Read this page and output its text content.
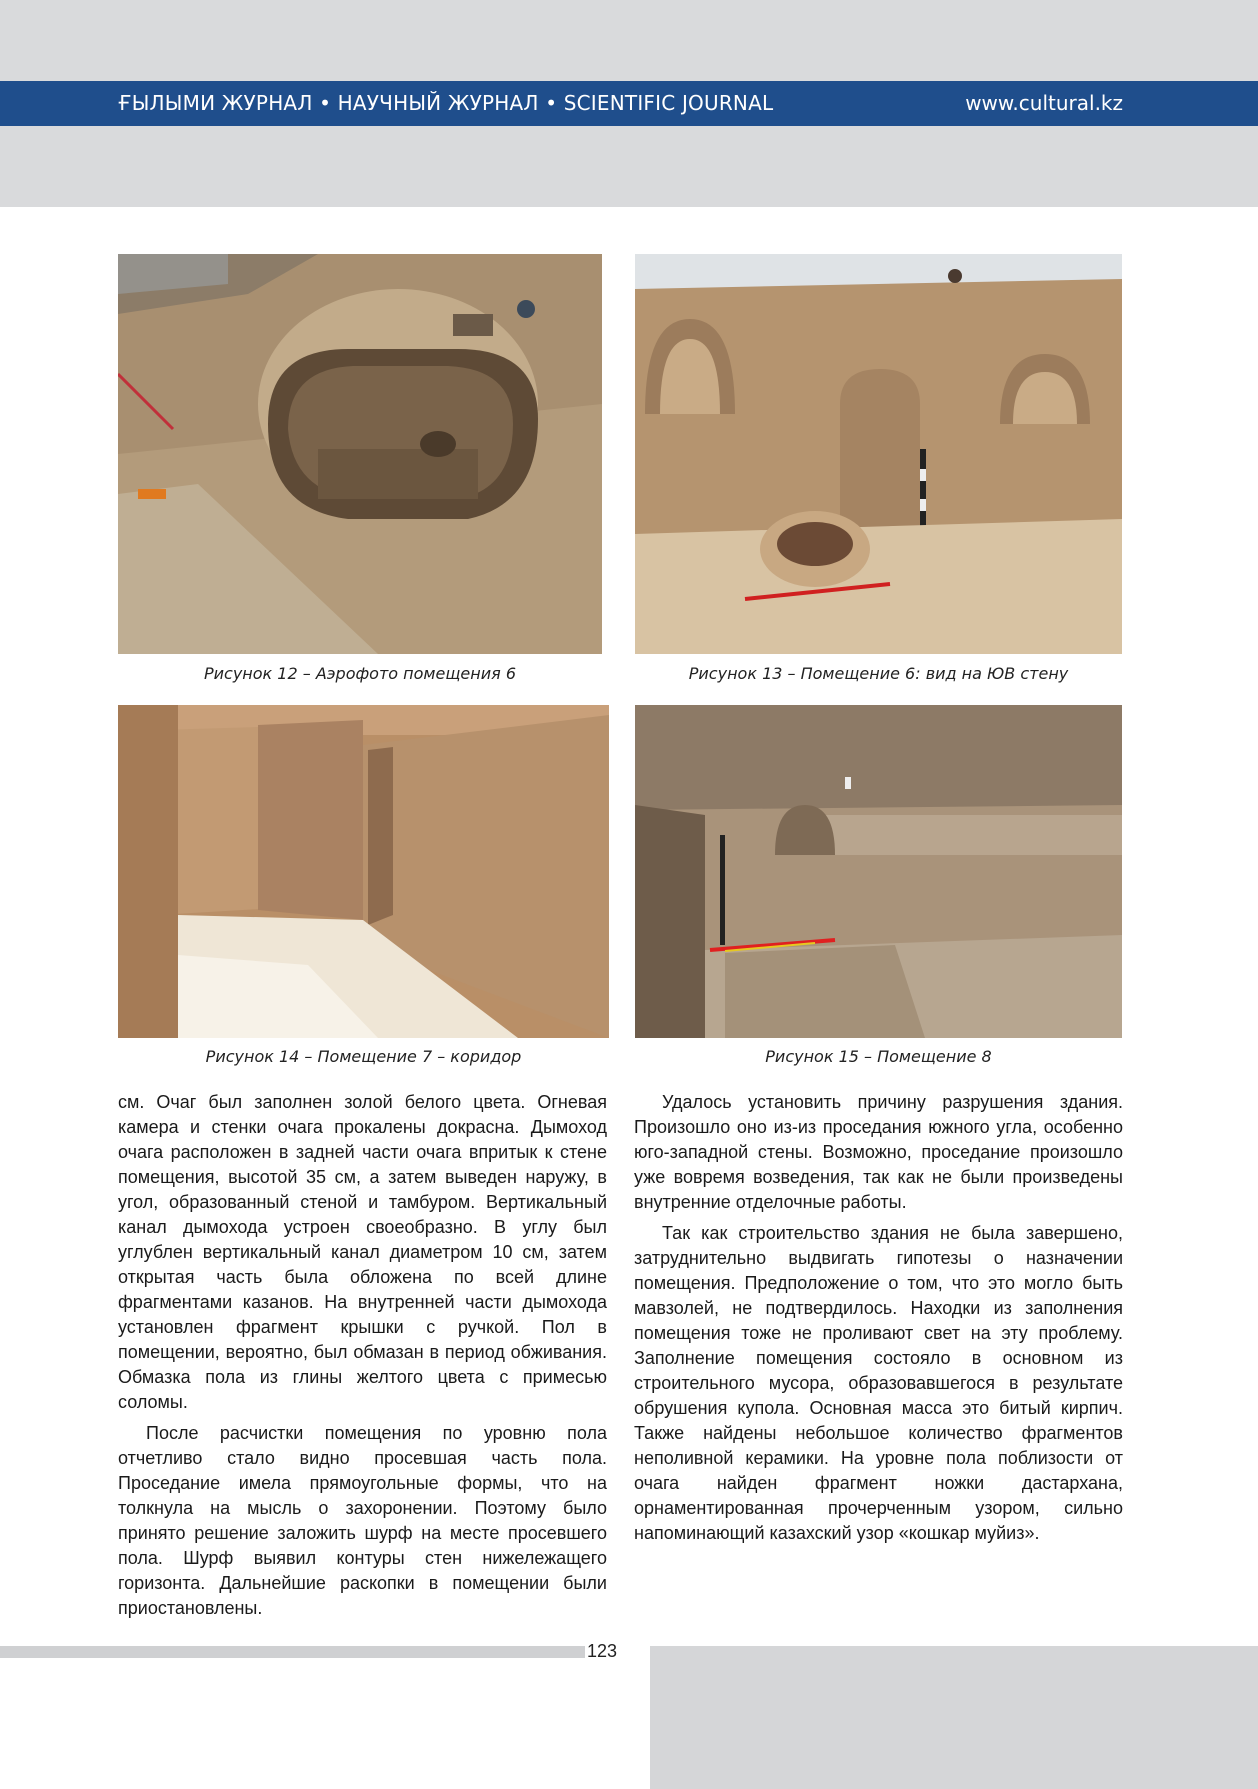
ҒЫЛЫМИ ЖУРНАЛ • НАУЧНЫЙ ЖУРНАЛ • SCIENTIFIC JOURNAL	www.cultural.kz
Рисунок 12 – Аэрофото помещения 6	Рисунок 13 – Помещение 6: вид на ЮВ стену
Рисунок 14 – Помещение 7 – коридор	Рисунок 15 – Помещение 8

см. Очаг был заполнен золой белого цвета. Огневая камера и стенки очага прокалены докрасна. Дымоход очага расположен в задней части очага впритык к стене помещения, высотой 35 см, а затем выведен наружу, в угол, образованный стеной и тамбуром. Вертикальный канал дымохода устроен своеобразно. В углу был углублен вертикальный канал диаметром 10 см, затем открытая часть была обложена по всей длине фрагментами казанов. На внутренней части дымохода установлен фрагмент крышки с ручкой. Пол в помещении, вероятно, был обмазан в период обживания. Обмазка пола из глины желтого цвета с примесью соломы.

После расчистки помещения по уровню пола отчетливо стало видно просевшая часть пола. Проседание имела прямоугольные формы, что на толкнула на мысль о захоронении. Поэтому было принято решение заложить шурф на месте просевшего пола. Шурф выявил контуры стен нижележащего горизонта. Дальнейшие раскопки в помещении были приостановлены.

Удалось установить причину разрушения здания. Произошло оно из-из проседания южного угла, особенно юго-западной стены. Возможно, проседание произошло уже вовремя возведения, так как не были произведены внутренние отделочные работы.

Так как строительство здания не была завершено, затруднительно выдвигать гипотезы о назначении помещения. Предположение о том, что это могло быть мавзолей, не подтвердилось. Находки из заполнения помещения тоже не проливают свет на эту проблему. Заполнение помещения состояло в основном из строительного мусора, образовавшегося в результате обрушения купола. Основная масса это битый кирпич. Также найдены небольшое количество фрагментов неполивной керамики. На уровне пола поблизости от очага найден фрагмент ножки дастархана, орнаментированная прочерченным узором, сильно напоминающий казахский узор «кошкар муйиз».

123
